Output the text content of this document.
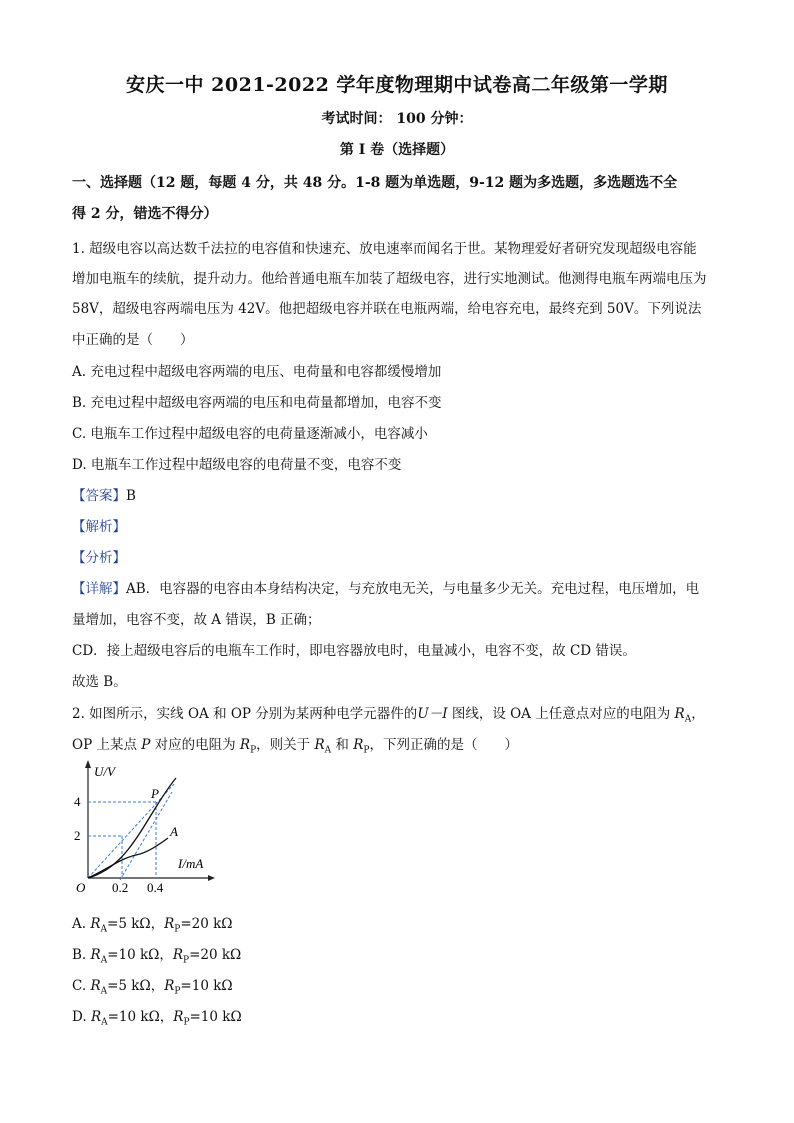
安庆一中 2021-2022 学年度物理期中试卷高二年级第一学期
考试时间： 100 分钟：
第 I 卷（选择题）
一、选择题（12 题，每题 4 分，共 48 分。1-8 题为单选题，9-12 题为多选题，多选题选不全
得 2 分，错选不得分）
1. 超级电容以高达数千法拉的电容值和快速充、放电速率而闻名于世。某物理爱好者研究发现超级电容能
增加电瓶车的续航，提升动力。他给普通电瓶车加装了超级电容，进行实地测试。他测得电瓶车两端电压为
58V，超级电容两端电压为 42V。他把超级电容并联在电瓶两端，给电容充电，最终充到 50V。下列说法
中正确的是（　　）
A. 充电过程中超级电容两端的电压、电荷量和电容都缓慢增加
B. 充电过程中超级电容两端的电压和电荷量都增加，电容不变
C. 电瓶车工作过程中超级电容的电荷量逐渐减小，电容减小
D. 电瓶车工作过程中超级电容的电荷量不变，电容不变
【答案】B
【解析】
【分析】
【详解】AB．电容器的电容由本身结构决定，与充放电无关，与电量多少无关。充电过程，电压增加，电
量增加，电容不变，故 A 错误，B 正确；
CD．接上超级电容后的电瓶车工作时，即电容器放电时，电量减小，电容不变，故 CD 错误。
故选 B。
2. 如图所示，实线 OA 和 OP 分别为某两种电学元器件的U－I 图线，设 OA 上任意点对应的电阻为 $R_A$，
OP 上某点 P 对应的电阻为 $R_P$，则关于 $R_A$ 和 $R_P$，下列正确的是（　　）
U/V
I/mA
O
4
2
0.2 0.4
P
A
A. $R_A=5$ kΩ，$R_P=20$ kΩ
B. $R_A=10$ kΩ，$R_P=20$ kΩ
C. $R_A=5$ kΩ，$R_P=10$ kΩ
D. $R_A=10$ kΩ，$R_P=10$ kΩ
